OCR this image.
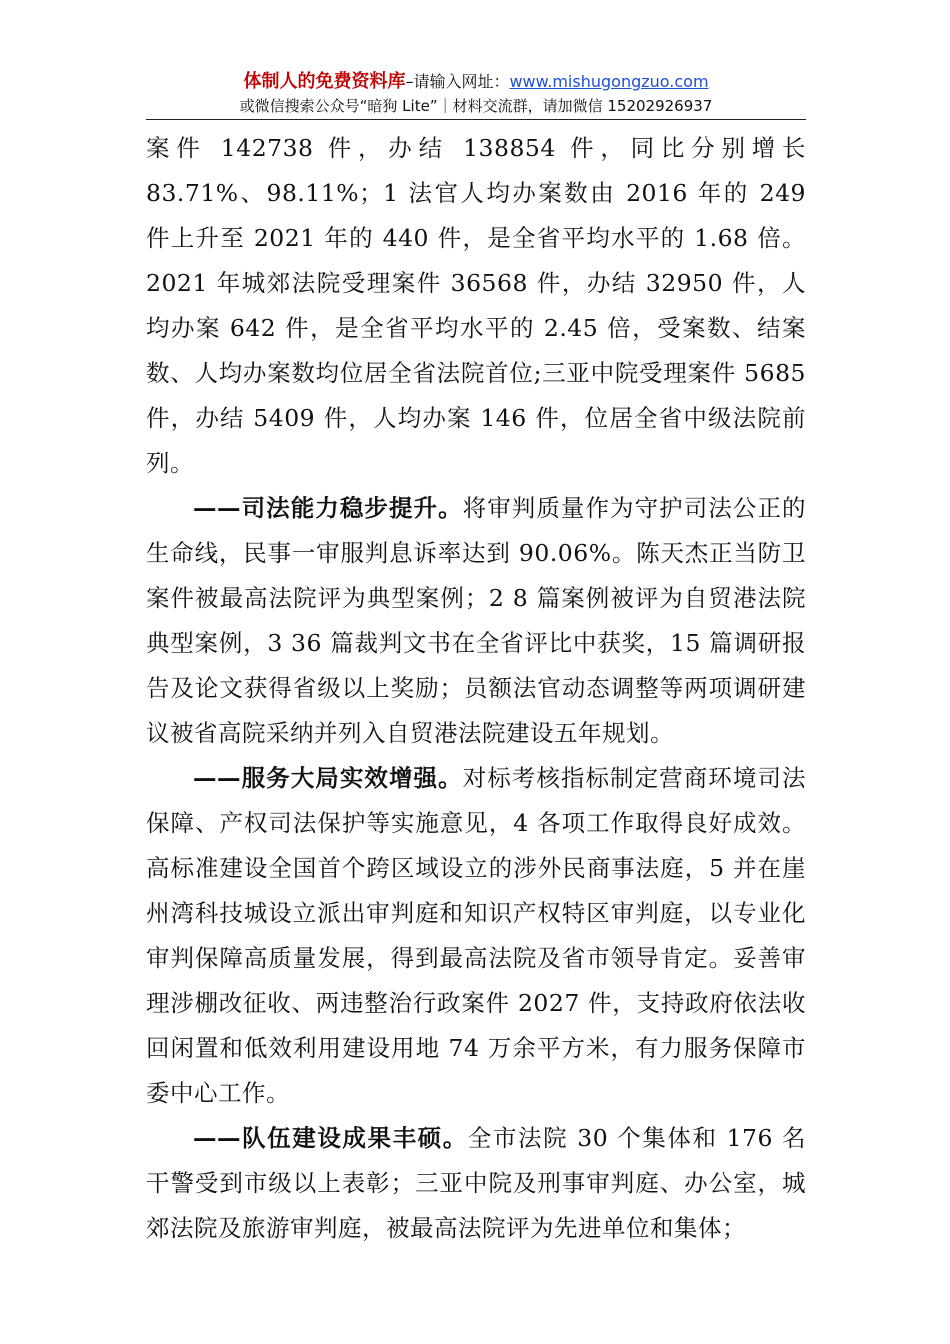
体制人的免费资料库–请输入网址：www.mishugongzuo.com
或微信搜索公众号“暗狗 Lite”｜材料交流群，请加微信 15202926937

案件 142738 件，办结 138854 件，同比分别增长 83.71%、98.11%；1 法官人均办案数由 2016 年的 249 件上升至 2021 年的 440 件，是全省平均水平的 1.68 倍。2021 年城郊法院受理案件 36568 件，办结 32950 件，人均办案 642 件，是全省平均水平的 2.45 倍，受案数、结案数、人均办案数均位居全省法院首位;三亚中院受理案件 5685 件，办结 5409 件，人均办案 146 件，位居全省中级法院前列。

——司法能力稳步提升。将审判质量作为守护司法公正的生命线，民事一审服判息诉率达到 90.06%。陈天杰正当防卫案件被最高法院评为典型案例；2 8 篇案例被评为自贸港法院典型案例，3 36 篇裁判文书在全省评比中获奖，15 篇调研报告及论文获得省级以上奖励；员额法官动态调整等两项调研建议被省高院采纳并列入自贸港法院建设五年规划。

——服务大局实效增强。对标考核指标制定营商环境司法保障、产权司法保护等实施意见，4 各项工作取得良好成效。高标准建设全国首个跨区域设立的涉外民商事法庭，5 并在崖州湾科技城设立派出审判庭和知识产权特区审判庭，以专业化审判保障高质量发展，得到最高法院及省市领导肯定。妥善审理涉棚改征收、两违整治行政案件 2027 件，支持政府依法收回闲置和低效利用建设用地 74 万余平方米，有力服务保障市委中心工作。

——队伍建设成果丰硕。全市法院 30 个集体和 176 名干警受到市级以上表彰；三亚中院及刑事审判庭、办公室，城郊法院及旅游审判庭，被最高法院评为先进单位和集体；
